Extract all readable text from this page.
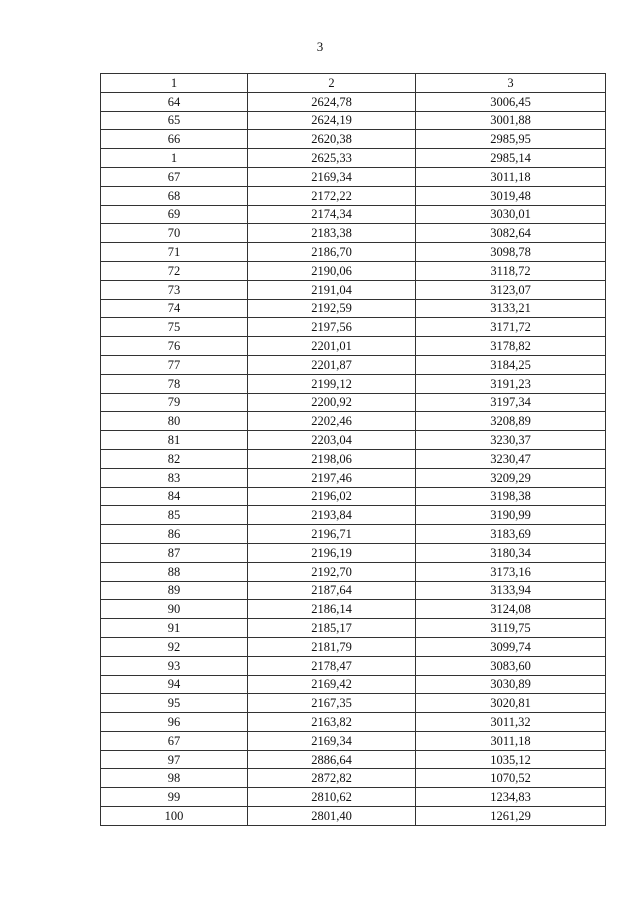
3
1	2	3
64	2624,78	3006,45
65	2624,19	3001,88
66	2620,38	2985,95
1	2625,33	2985,14
67	2169,34	3011,18
68	2172,22	3019,48
69	2174,34	3030,01
70	2183,38	3082,64
71	2186,70	3098,78
72	2190,06	3118,72
73	2191,04	3123,07
74	2192,59	3133,21
75	2197,56	3171,72
76	2201,01	3178,82
77	2201,87	3184,25
78	2199,12	3191,23
79	2200,92	3197,34
80	2202,46	3208,89
81	2203,04	3230,37
82	2198,06	3230,47
83	2197,46	3209,29
84	2196,02	3198,38
85	2193,84	3190,99
86	2196,71	3183,69
87	2196,19	3180,34
88	2192,70	3173,16
89	2187,64	3133,94
90	2186,14	3124,08
91	2185,17	3119,75
92	2181,79	3099,74
93	2178,47	3083,60
94	2169,42	3030,89
95	2167,35	3020,81
96	2163,82	3011,32
67	2169,34	3011,18
97	2886,64	1035,12
98	2872,82	1070,52
99	2810,62	1234,83
100	2801,40	1261,29
